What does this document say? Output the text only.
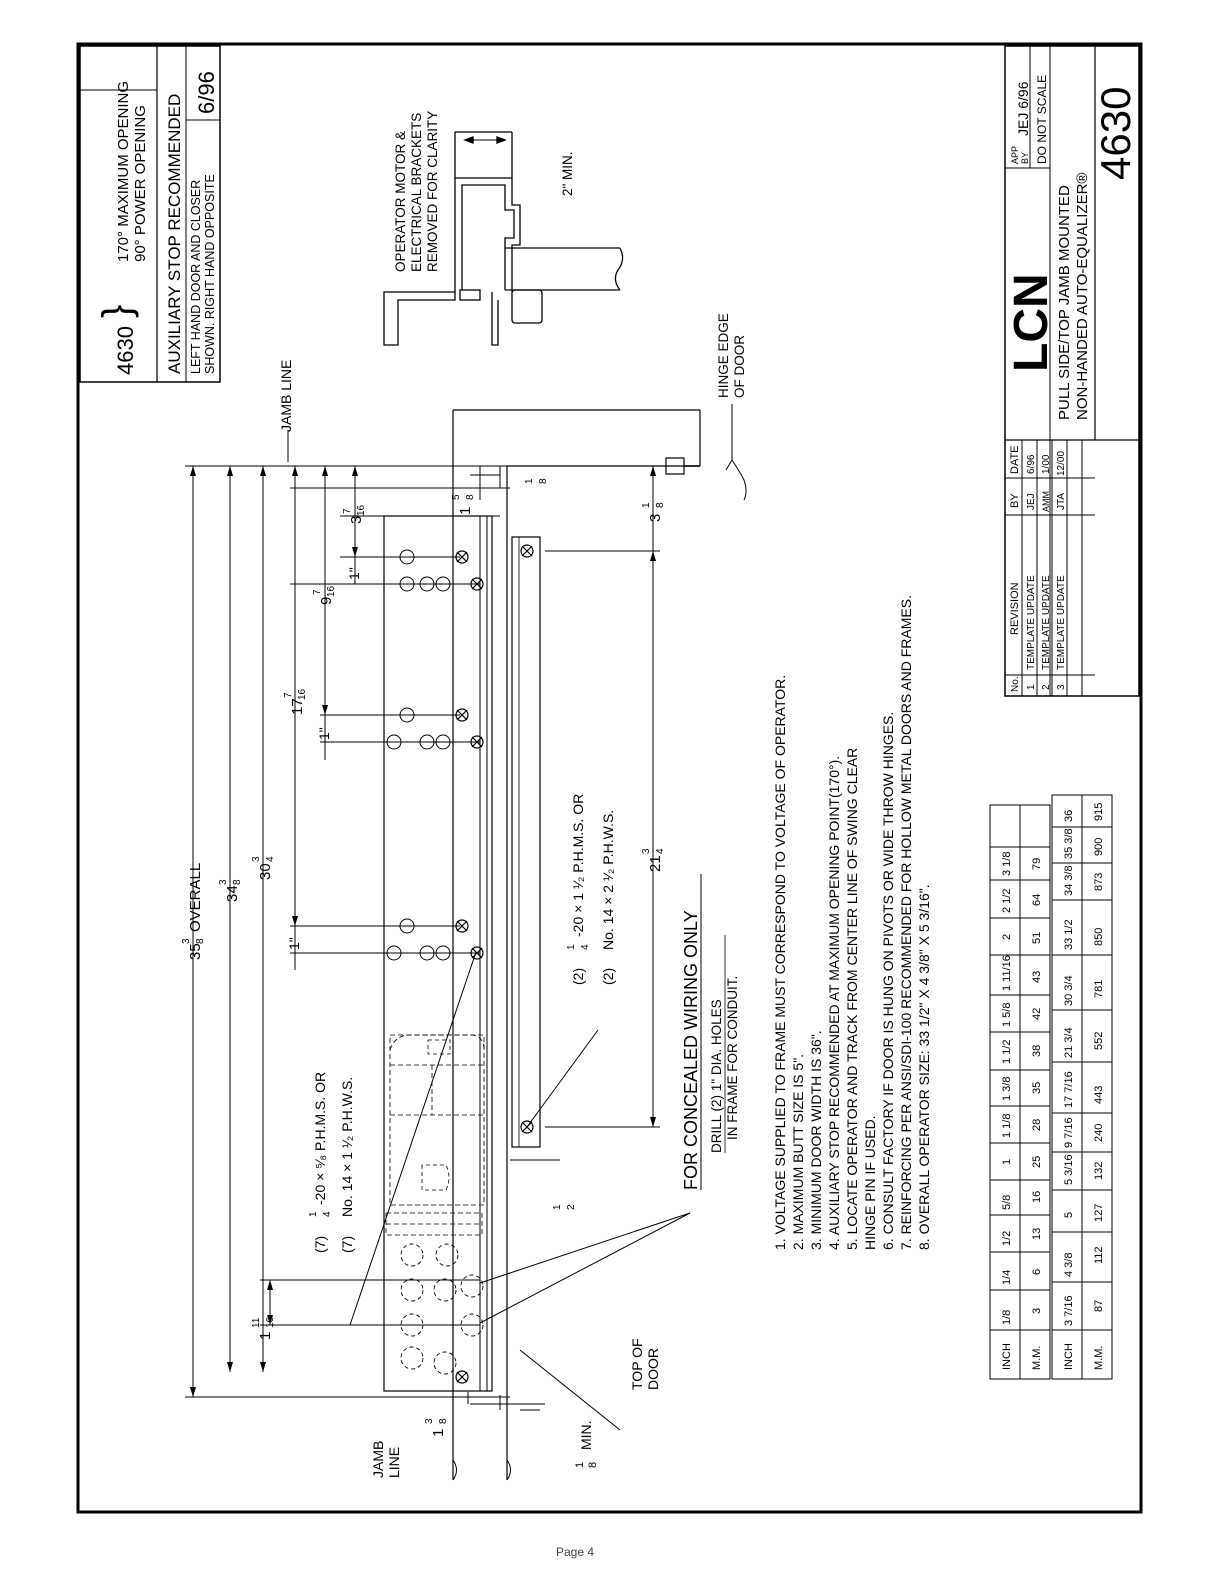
4630
}
170° MAXIMUM OPENING 90° POWER OPENING AUXILIARY STOP RECOMMENDED LEFT HAND DOOR AND CLOSER SHOWN. RIGHT HAND OPPOSITE
6/96
OPERATOR MOTOR & ELECTRICAL BRACKETS REMOVED FOR CLARITY	2" MIN.
HINGE EDGE OF DOOR
JAMB LINE
JAMB LINE
TOP OF DOOR
MIN.
1 8
35
3 8
OVERALL 34
3 8
30
3 4
17
7 16
9
7 16
3
7 16
1"
1"
1"
1
5 8
1 8
3
1 8
21
3 4
1
11 16
1
3 8
1 2
(7)
1 4
-20 × ⁵⁄₈ P.H.M.S. OR
(7)
No. 14 × 1 ¹⁄₂ P.H.W.S.
(2)
1 4
-20 × 1 ¹⁄₂ P.H.M.S. OR
(2)
No. 14 × 2 ¹⁄₂ P.H.W.S.
FOR CONCEALED WIRING ONLY DRILL (2) 1" DIA. HOLES IN FRAME FOR CONDUIT. 1. VOLTAGE SUPPLIED TO FRAME MUST CORRESPOND TO VOLTAGE OF OPERATOR. 2. MAXIMUM BUTT SIZE IS 5". 3. MINIMUM DOOR WIDTH IS 36". 4. AUXILIARY STOP RECOMMENDED AT MAXIMUM OPENING POINT(170°). 5. LOCATE OPERATOR AND TRACK FROM CENTER LINE OF SWING CLEAR HINGE PIN IF USED. 6. CONSULT FACTORY IF DOOR IS HUNG ON PIVOTS OR WIDE THROW HINGES. 7. REINFORCING PER ANSI/SDI-100 RECOMMENDED FOR HOLLOW METAL DOORS AND FRAMES. 8. OVERALL OPERATOR SIZE: 33 1/2" X 4 3/8" X 5 3/16".
INCH
1/8
1/4
1/2
5/8
1
1 1/8
1 3/8
1 1/2
1 5/8
1 11/16
2
2 1/2
3 1/8
M.M.
3
6
13
16
25
28
35
38
42
43
51
64
79
INCH
3 7/16
4 3/8
5
5 3/16
9 7/16
17 7/16
21 3/4
30 3/4
33 1/2
34 3/8
35 3/8
36
M.M.
87
112
127
132
240
443
552
781
850
873
900
915
APP BY
JEJ 6/96 DO NOT SCALE
LCN
PULL SIDE/TOP JAMB MOUNTED NON-HANDED AUTO-EQUALIZER®
4630
No.
REVISION
BY
DATE
1
TEMPLATE UPDATE
JEJ
6/96
2
TEMPLATE UPDATE
AMM
1/00
3
TEMPLATE UPDATE
JTA
12/00
Page 4
